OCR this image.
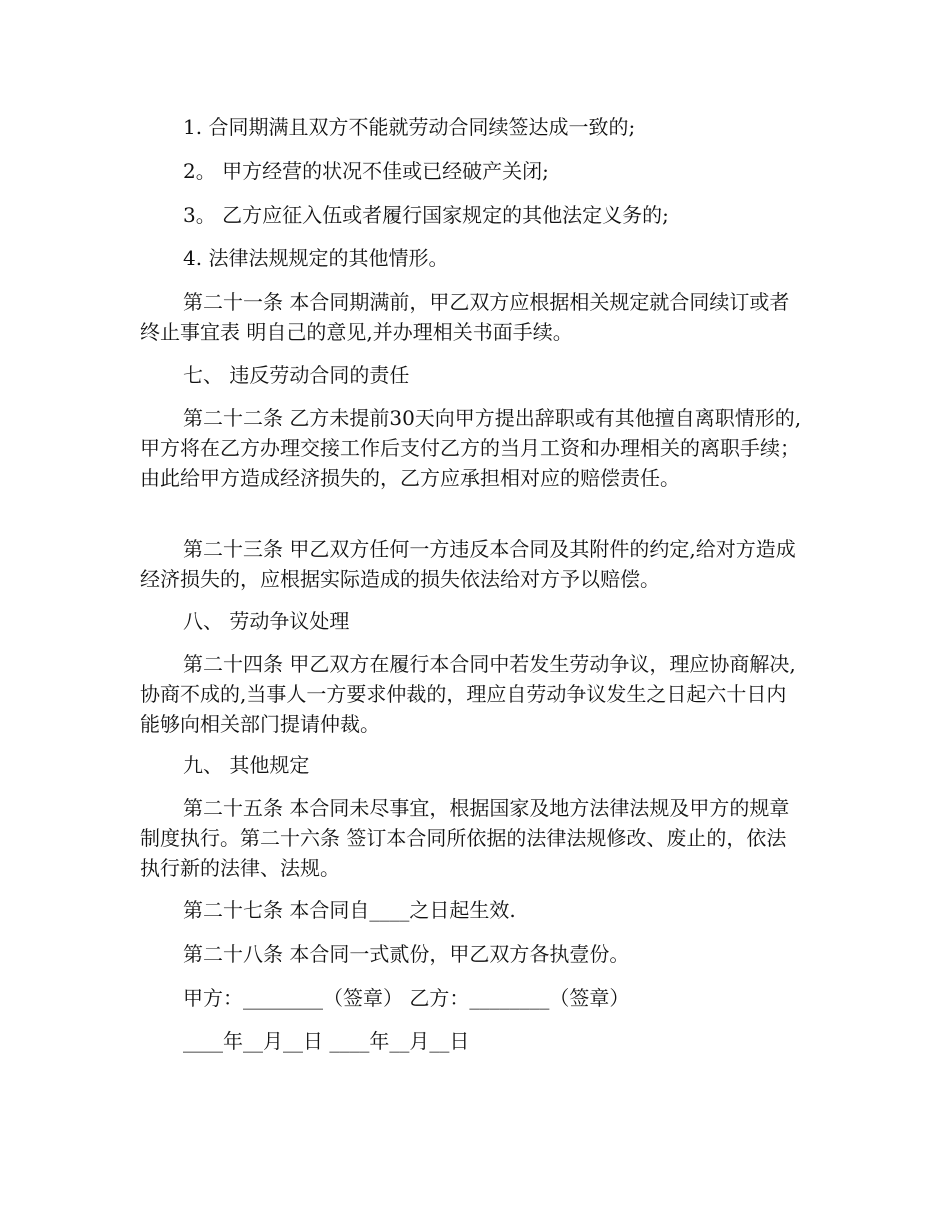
1. 合同期满且双方不能就劳动合同续签达成一致的;

2。 甲方经营的状况不佳或已经破产关闭;

3。 乙方应征入伍或者履行国家规定的其他法定义务的;

4. 法律法规规定的其他情形。

第二十一条 本合同期满前，甲乙双方应根据相关规定就合同续订或者终止事宜表 明自己的意见,并办理相关书面手续。

七、 违反劳动合同的责任

第二十二条 乙方未提前30天向甲方提出辞职或有其他擅自离职情形的,甲方将在乙方办理交接工作后支付乙方的当月工资和办理相关的离职手续；由此给甲方造成经济损失的，乙方应承担相对应的赔偿责任。

第二十三条 甲乙双方任何一方违反本合同及其附件的约定,给对方造成经济损失的，应根据实际造成的损失依法给对方予以赔偿。

八、 劳动争议处理

第二十四条 甲乙双方在履行本合同中若发生劳动争议，理应协商解决,协商不成的,当事人一方要求仲裁的，理应自劳动争议发生之日起六十日内能够向相关部门提请仲裁。

九、 其他规定

第二十五条 本合同未尽事宜，根据国家及地方法律法规及甲方的规章制度执行。第二十六条 签订本合同所依据的法律法规修改、废止的，依法执行新的法律、法规。

第二十七条 本合同自____之日起生效.

第二十八条 本合同一式贰份，甲乙双方各执壹份。

甲方：________（签章） 乙方：________（签章）

____年__月__日 ____年__月__日
